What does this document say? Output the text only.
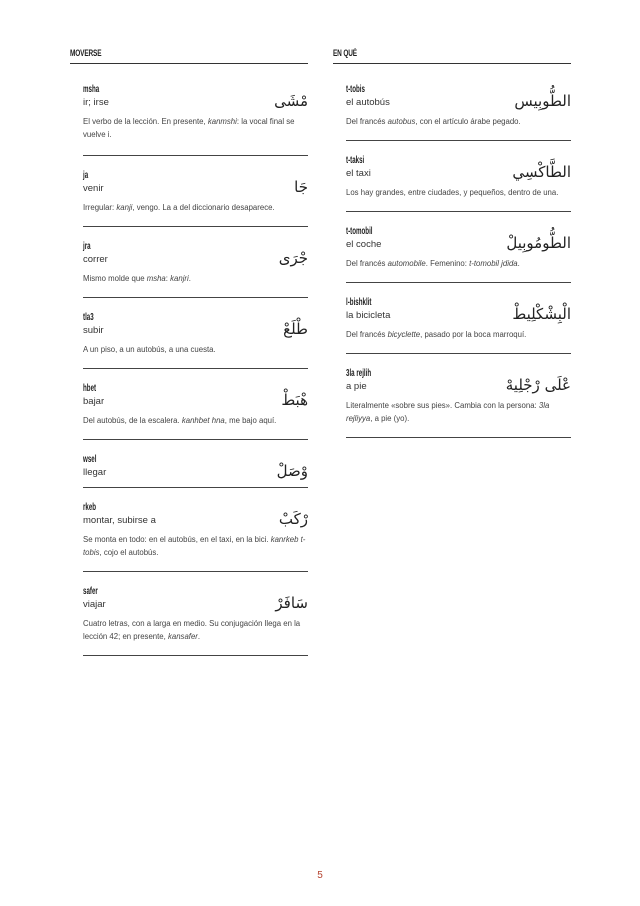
MOVERSE
msha
ir; irse	مْشَى
El verbo de la lección. En presente, kanmshi: la vocal final se vuelve i.
ja
venir	جَا
Irregular: kanji, vengo. La a del diccionario desaparece.
jra
correr	جْرَى
Mismo molde que msha: kanjri.
tla3
subir	طْلَعْ
A un piso, a un autobús, a una cuesta.
hbet
bajar	هْبَطْ
Del autobús, de la escalera. kanhbet hna, me bajo aquí.
wsel
llegar	وْصَلْ
rkeb
montar, subirse a	رْكَبْ
Se monta en todo: en el autobús, en el taxi, en la bici. kanrkeb t-tobis, cojo el autobús.
safer
viajar	سَافَرْ
Cuatro letras, con a larga en medio. Su conjugación llega en la lección 42; en presente, kansafer.
EN QUÉ
t-tobis
el autobús	الطُّوبِيس
Del francés autobus, con el artículo árabe pegado.
t-taksi
el taxi	الطَّاكْسِي
Los hay grandes, entre ciudades, y pequeños, dentro de una.
t-tomobil
el coche	الطُّومُوبِيلْ
Del francés automobile. Femenino: t-tomobil jdida.
l-bishklit
la bicicleta	الْبِشْكْلِيطْ
Del francés bicyclette, pasado por la boca marroquí.
3la rejlih
a pie	عْلَى رْجْلِيهْ
Literalmente «sobre sus pies». Cambia con la persona: 3la rejliyya, a pie (yo).
5
